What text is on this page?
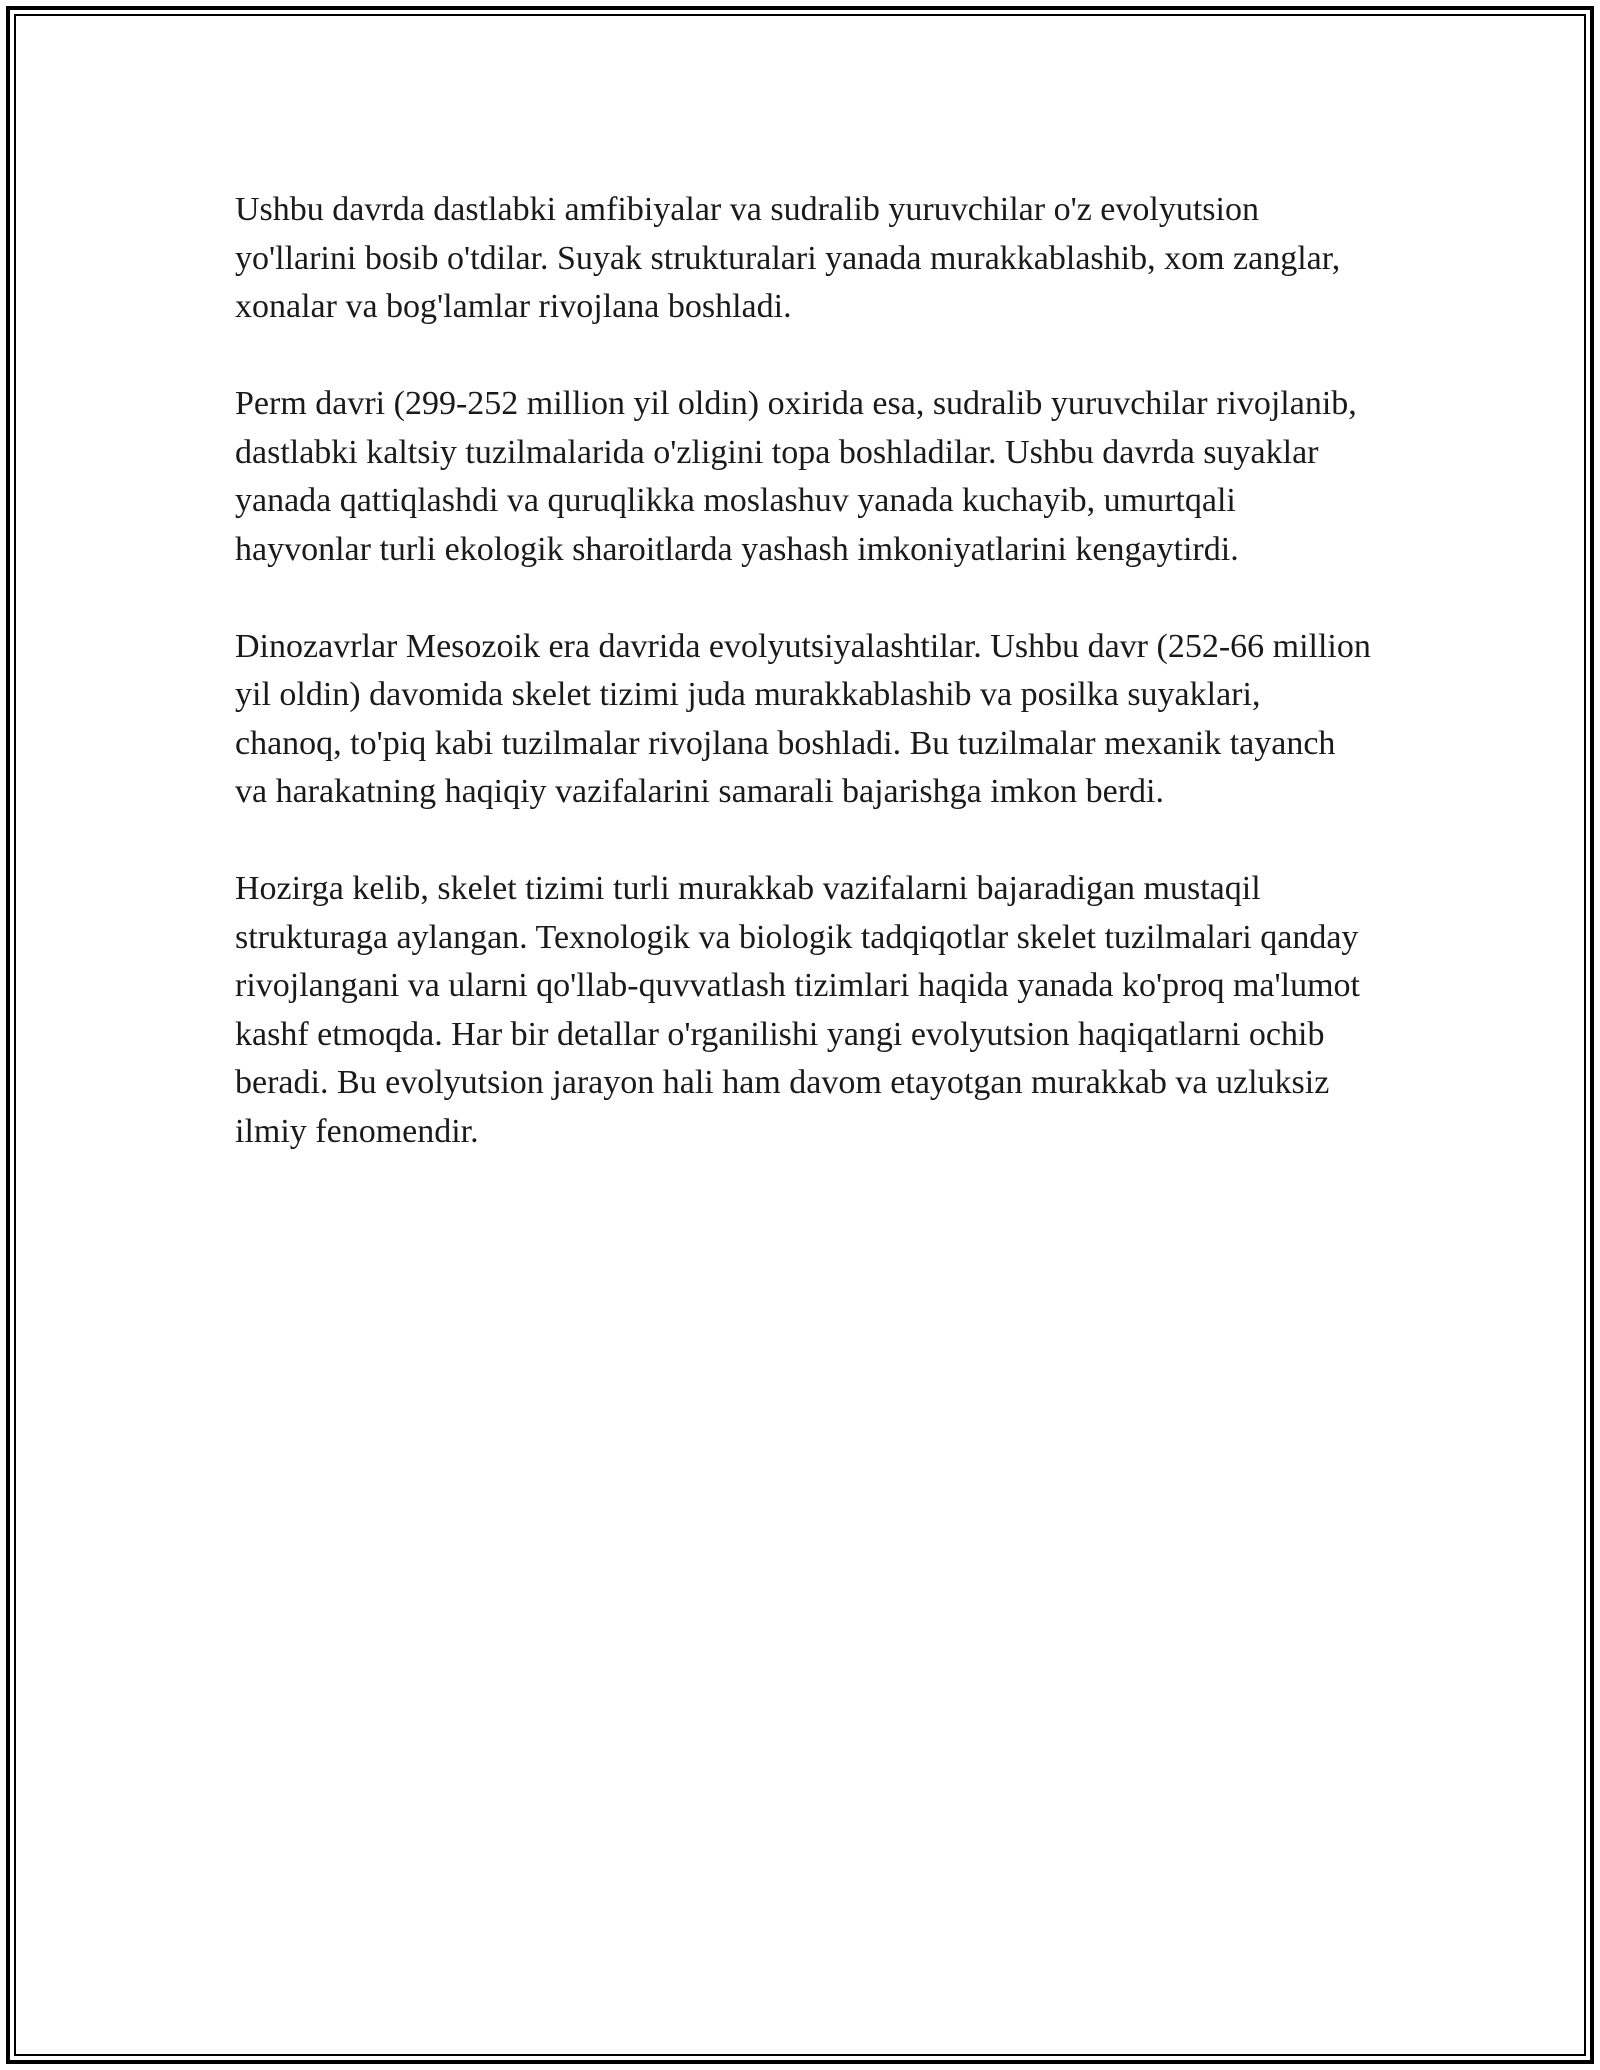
Ushbu davrda dastlabki amfibiyalar va sudralib yuruvchilar o'z evolyutsion yo'llarini bosib o'tdilar. Suyak strukturalari yanada murakkablashib, xom zanglar, xonalar va bog'lamlar rivojlana boshladi.

Perm davri (299-252 million yil oldin) oxirida esa, sudralib yuruvchilar rivojlanib, dastlabki kaltsiy tuzilmalarida o'zligini topa boshladilar. Ushbu davrda suyaklar yanada qattiqlashdi va quruqlikka moslashuv yanada kuchayib, umurtqali hayvonlar turli ekologik sharoitlarda yashash imkoniyatlarini kengaytirdi.

Dinozavrlar Mesozoik era davrida evolyutsiyalashtilar. Ushbu davr (252-66 million yil oldin) davomida skelet tizimi juda murakkablashib va posilka suyaklari, chanoq, to'piq kabi tuzilmalar rivojlana boshladi. Bu tuzilmalar mexanik tayanch va harakatning haqiqiy vazifalarini samarali bajarishga imkon berdi.

Hozirga kelib, skelet tizimi turli murakkab vazifalarni bajaradigan mustaqil strukturaga aylangan. Texnologik va biologik tadqiqotlar skelet tuzilmalari qanday rivojlangani va ularni qo'llab-quvvatlash tizimlari haqida yanada ko'proq ma'lumot kashf etmoqda. Har bir detallar o'rganilishi yangi evolyutsion haqiqatlarni ochib beradi. Bu evolyutsion jarayon hali ham davom etayotgan murakkab va uzluksiz ilmiy fenomendir.
